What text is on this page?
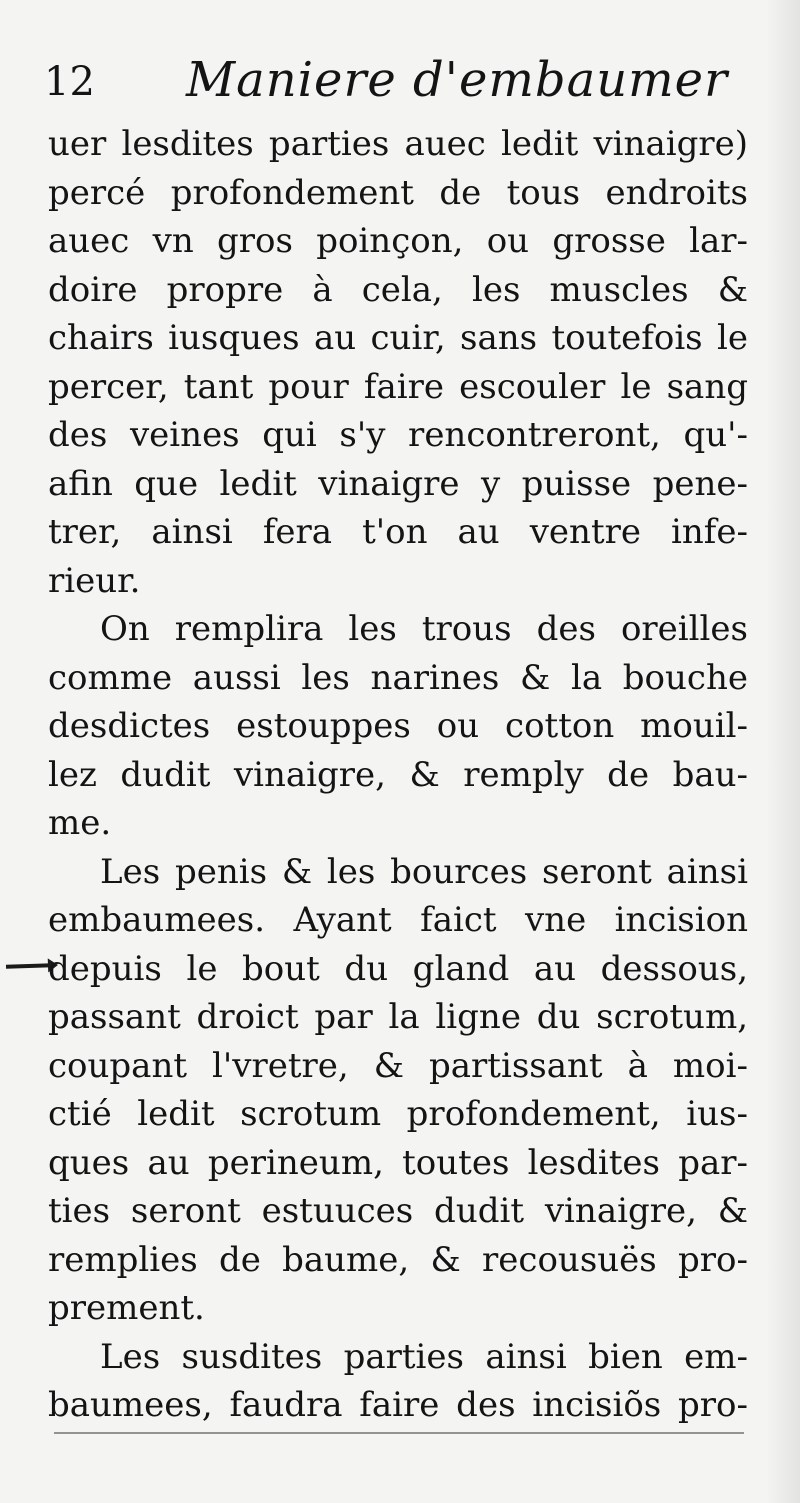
12 Maniere d'embaumer
uer lesdites parties auec ledit vinaigre)
percé profondement de tous endroits
auec vn gros poinçon, ou grosse lar-
doire propre à cela, les muscles &
chairs iusques au cuir, sans toutefois le
percer, tant pour faire escouler le sang
des veines qui s'y rencontreront, qu'-
afin que ledit vinaigre y puisse pene-
trer, ainsi fera t'on au ventre infe-
rieur.
On remplira les trous des oreilles
comme aussi les narines & la bouche
desdictes estouppes ou cotton mouil-
lez dudit vinaigre, & remply de bau-
me.
Les penis & les bources seront ainsi
embaumees. Ayant faict vne incision
depuis le bout du gland au dessous,
passant droict par la ligne du scrotum,
coupant l'vretre, & partissant à moi-
ctié ledit scrotum profondement, ius-
ques au perineum, toutes lesdites par-
ties seront estuuces dudit vinaigre, &
remplies de baume, & recousuës pro-
prement.
Les susdites parties ainsi bien em-
baumees, faudra faire des incisiõs pro-
